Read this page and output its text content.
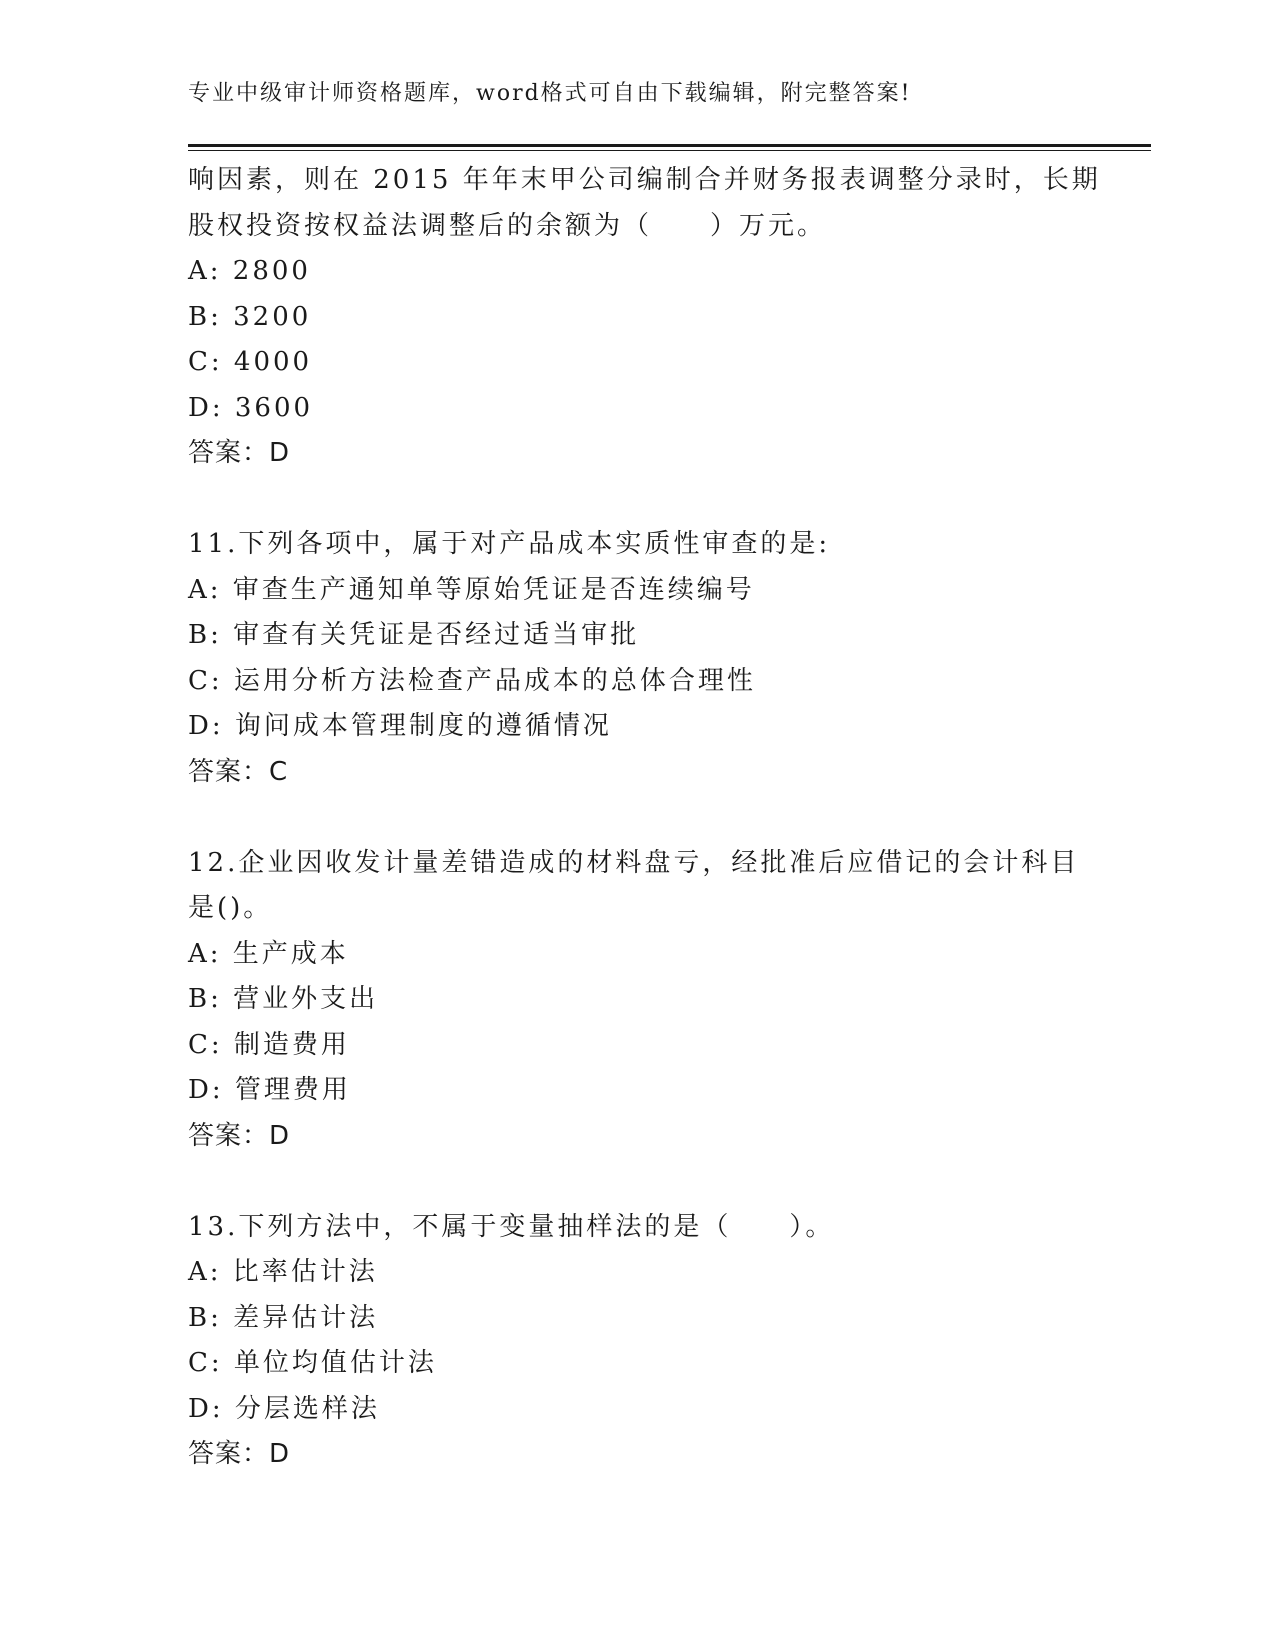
专业中级审计师资格题库，word格式可自由下载编辑，附完整答案!
响因素，则在 2015 年年末甲公司编制合并财务报表调整分录时，长期
股权投资按权益法调整后的余额为（　　）万元。
A: 2800
B: 3200
C: 4000
D: 3600
答案：D
11.下列各项中，属于对产品成本实质性审查的是:
A: 审查生产通知单等原始凭证是否连续编号
B: 审查有关凭证是否经过适当审批
C: 运用分析方法检查产品成本的总体合理性
D: 询问成本管理制度的遵循情况
答案：C
12.企业因收发计量差错造成的材料盘亏，经批准后应借记的会计科目
是()。
A: 生产成本
B: 营业外支出
C: 制造费用
D: 管理费用
答案：D
13.下列方法中，不属于变量抽样法的是（　　）。
A: 比率估计法
B: 差异估计法
C: 单位均值估计法
D: 分层选样法
答案：D
